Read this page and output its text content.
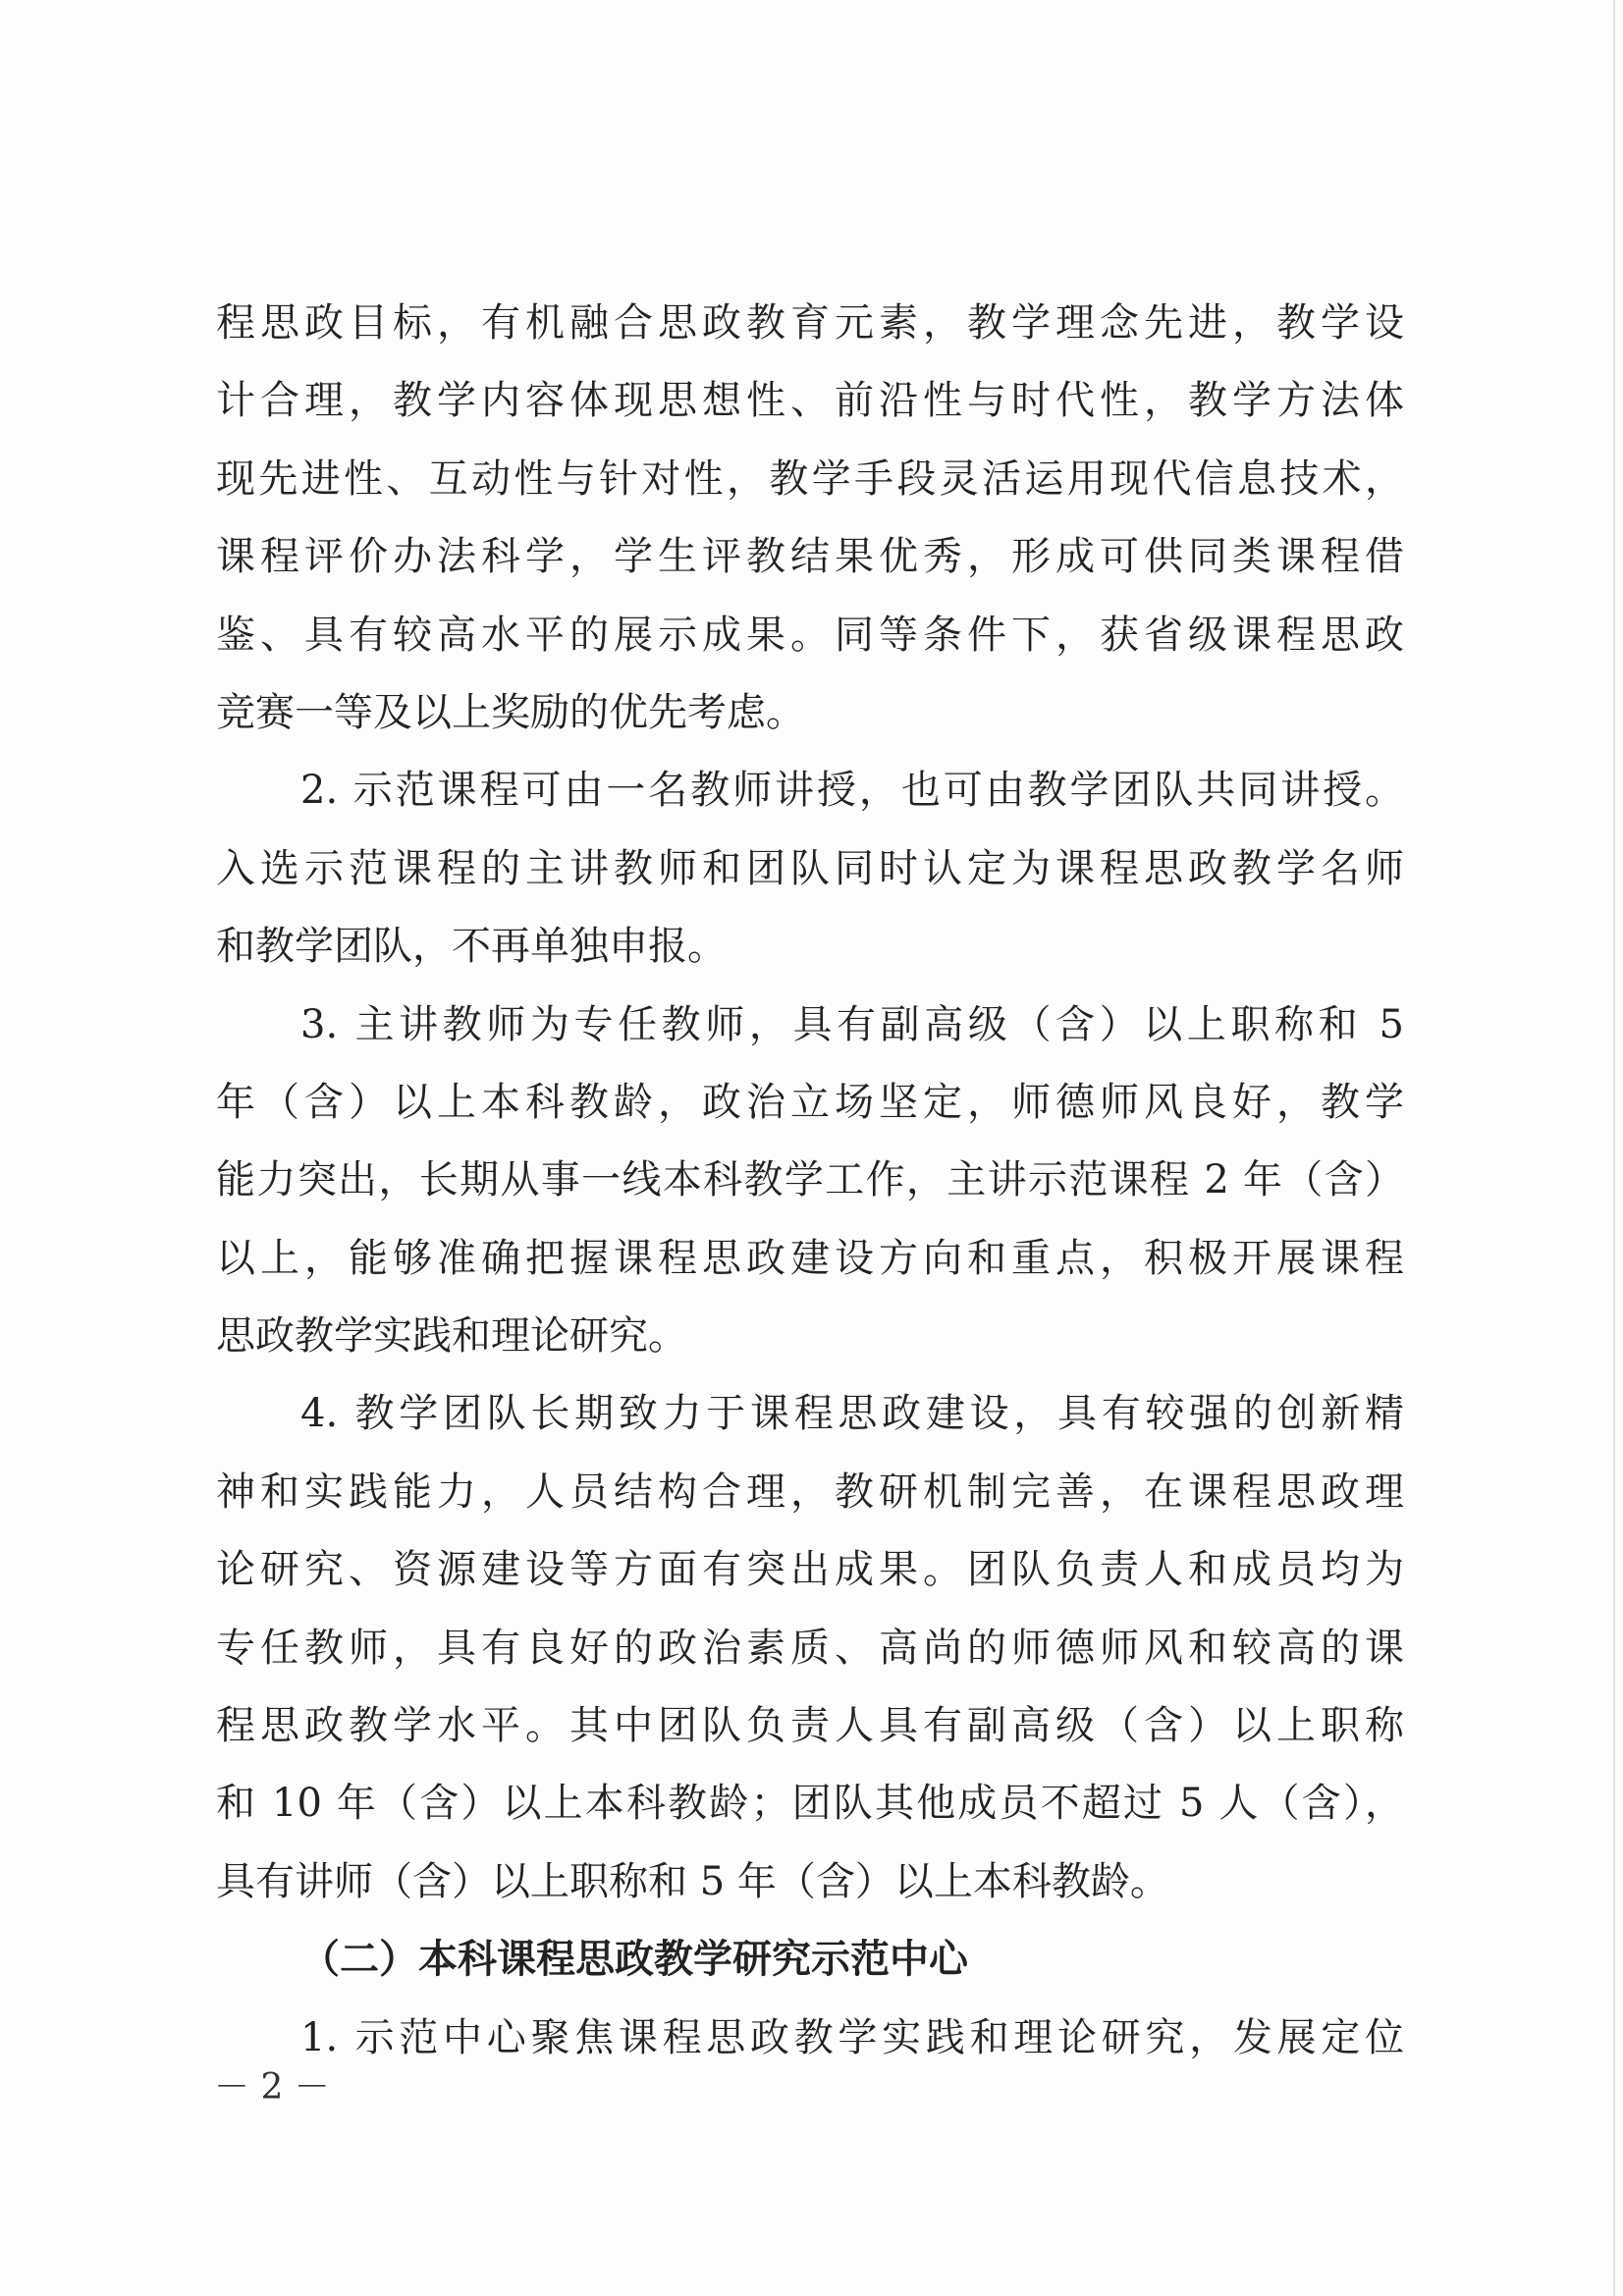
程思政目标，有机融合思政教育元素，教学理念先进，教学设
计合理，教学内容体现思想性、前沿性与时代性，教学方法体
现先进性、互动性与针对性，教学手段灵活运用现代信息技术，
课程评价办法科学，学生评教结果优秀，形成可供同类课程借
鉴、具有较高水平的展示成果。同等条件下，获省级课程思政
竞赛一等及以上奖励的优先考虑。
2. 示范课程可由一名教师讲授，也可由教学团队共同讲授。
入选示范课程的主讲教师和团队同时认定为课程思政教学名师
和教学团队，不再单独申报。
3. 主讲教师为专任教师，具有副高级（含）以上职称和 5
年（含）以上本科教龄，政治立场坚定，师德师风良好，教学
能力突出，长期从事一线本科教学工作，主讲示范课程 2 年（含）
以上，能够准确把握课程思政建设方向和重点，积极开展课程
思政教学实践和理论研究。
4. 教学团队长期致力于课程思政建设，具有较强的创新精
神和实践能力，人员结构合理，教研机制完善，在课程思政理
论研究、资源建设等方面有突出成果。团队负责人和成员均为
专任教师，具有良好的政治素质、高尚的师德师风和较高的课
程思政教学水平。其中团队负责人具有副高级（含）以上职称
和 10 年（含）以上本科教龄；团队其他成员不超过 5 人（含），
具有讲师（含）以上职称和 5 年（含）以上本科教龄。
（二）本科课程思政教学研究示范中心
1. 示范中心聚焦课程思政教学实践和理论研究，发展定位
－ 2 －
